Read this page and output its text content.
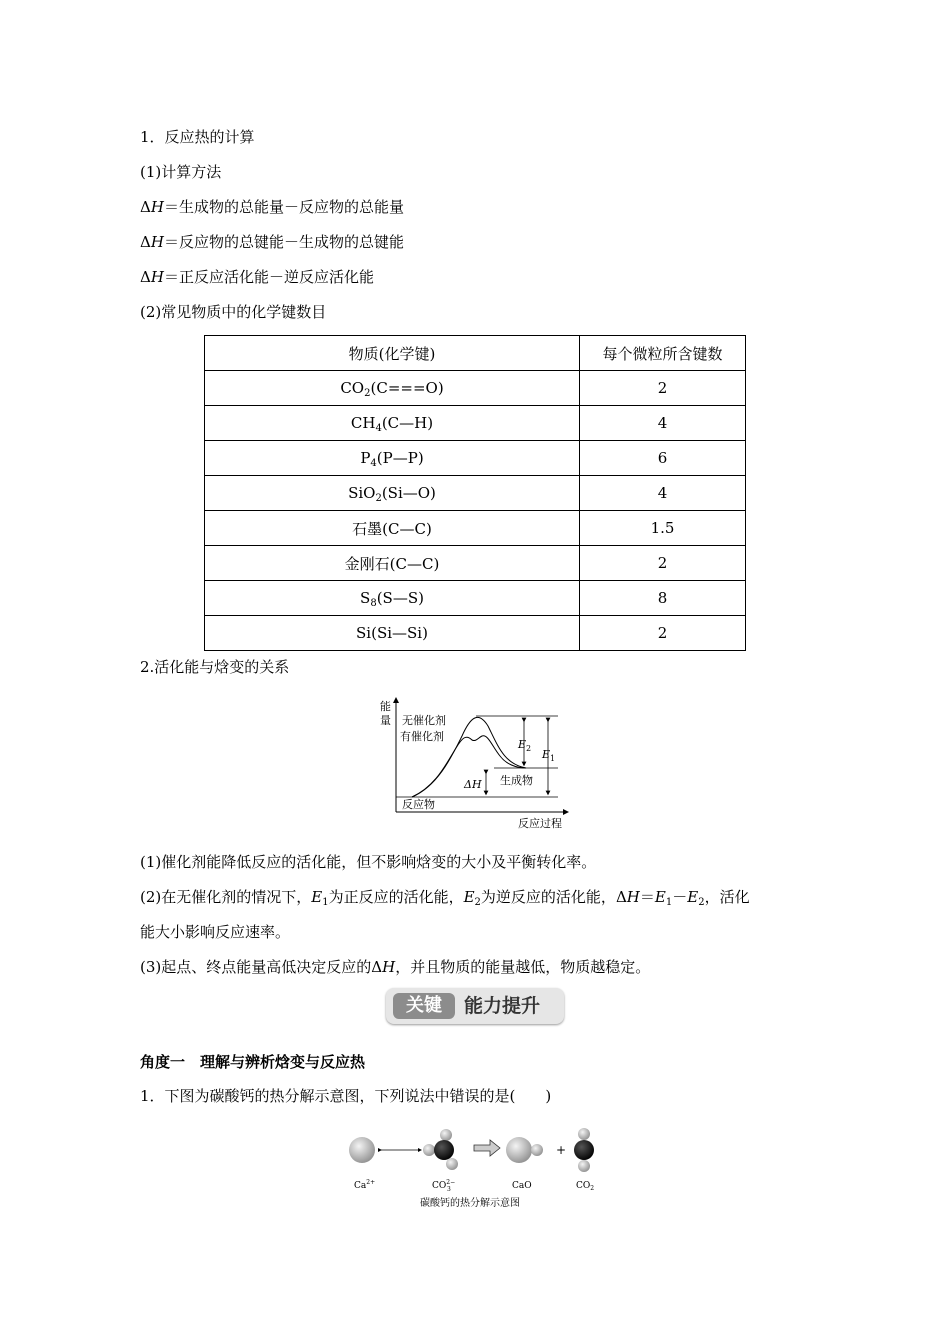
1．反应热的计算
(1)计算方法
ΔH＝生成物的总能量－反应物的总能量
ΔH＝反应物的总键能－生成物的总键能
ΔH＝正反应活化能－逆反应活化能
(2)常见物质中的化学键数目
物质(化学键)	每个微粒所含键数
$CO_2(C===O)$	2
$CH_4(C—H)$	4
$P_4(P—P)$	6
SiO$_2$(Si—O)	4
石墨(C—C)	1.5
金刚石(C—C)	2
$S_8(S—S)$	8
Si(Si—Si)	2
2.活化能与焓变的关系
能
量 无催化剂
有催化剂
$E_2$ $E_1$
ΔH 生成物
反应物
反应过程
(1)催化剂能降低反应的活化能，但不影响焓变的大小及平衡转化率。
(2)在无催化剂的情况下，$E_1$为正反应的活化能，$E_2$为逆反应的活化能，$\Delta H=E_1-E_2$，活化
能大小影响反应速率。
(3)起点、终点能量高低决定反应的ΔH，并且物质的能量越低，物质越稳定。
关键	能力提升
角度一　理解与辨析焓变与反应热
1．下图为碳酸钙的热分解示意图，下列说法中错误的是(　　)
+
$Ca^{2+}$	$CO^{2-}$
3	CaO	$CO_2$
碳酸钙的热分解示意图
